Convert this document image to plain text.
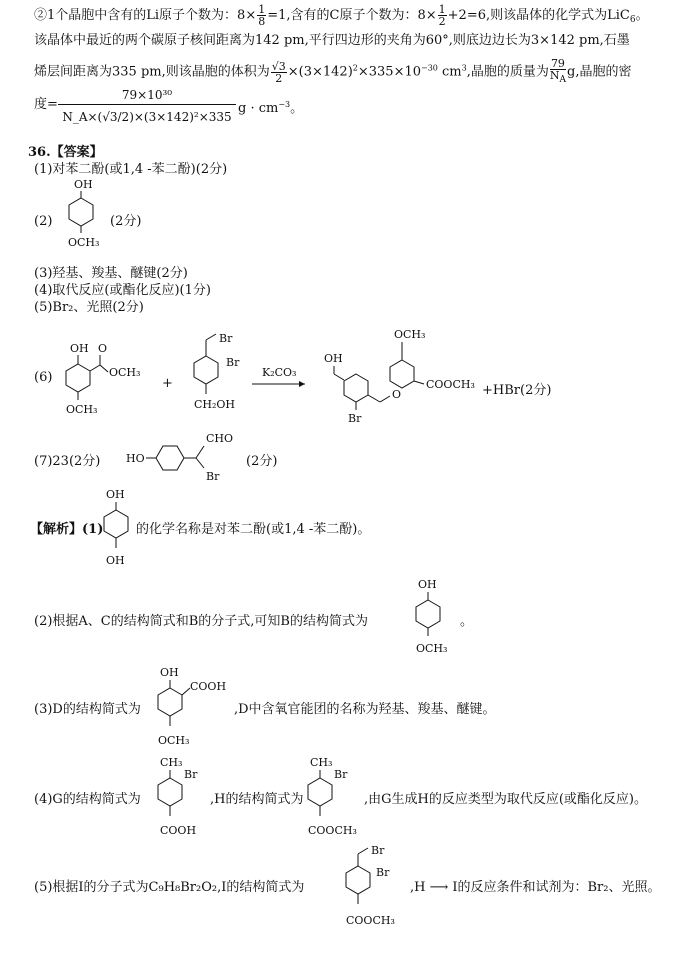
②1个晶胞中含有的Li原子个数为：$8\times \frac{1}{8} =1$,含有的C原子个数为：$8\times \frac{1}{2} +2=6$,则该晶体的化学式为LiC$_6$。
该晶体中最近的两个碳原子核间距离为142 pm,平行四边形的夹角为60°,则底边边长为3×142 pm,石墨
烯层间距离为335 pm,则该晶胞的体积为 $\frac{√3}{2} \times(3\times 142)^2\times 335\times 10^{-30}$ $cm^3$,晶胞的质量为 $\frac{79}{N_A} g$,晶胞的密
度=
$\frac{\text{79×10³⁰}}{\text{N\_A×(√3/2)×(3×142)²×335}}$
$g \cdot cm^{-3}$。
36.【答案】
(1)对苯二酚(或1,4 -苯二酚)(2分)
(2)
OH
OCH₃
(2分)
(3)羟基、羧基、醚键(2分)
(4)取代反应(或酯化反应)(1分)
(5)Br₂、光照(2分)
(6)
OH O
OCH₃
OCH₃
+
Br
Br
CH₂OH
K₂CO₃
OH
Br
O
OCH₃
COOCH₃ +HBr(2分)
(7)23(2分) HO
CHO
Br
(2分)
【解析】(1)
OH
OH
的化学名称是对苯二酚(或1,4 -苯二酚)。
(2)根据A、C的结构简式和B的分子式,可知B的结构简式为
OH
OCH₃
。
(3)D的结构简式为
OH
COOH
OCH₃
,D中含氧官能团的名称为羟基、羧基、醚键。
(4)G的结构简式为
CH₃
Br
COOH
,H的结构简式为
CH₃
Br
COOCH₃
,由G生成H的反应类型为取代反应(或酯化反应)。
(5)根据I的分子式为C₉H₈Br₂O₂,I的结构简式为
Br
Br
COOCH₃
,H ⟶ I的反应条件和试剂为：Br₂、光照。
